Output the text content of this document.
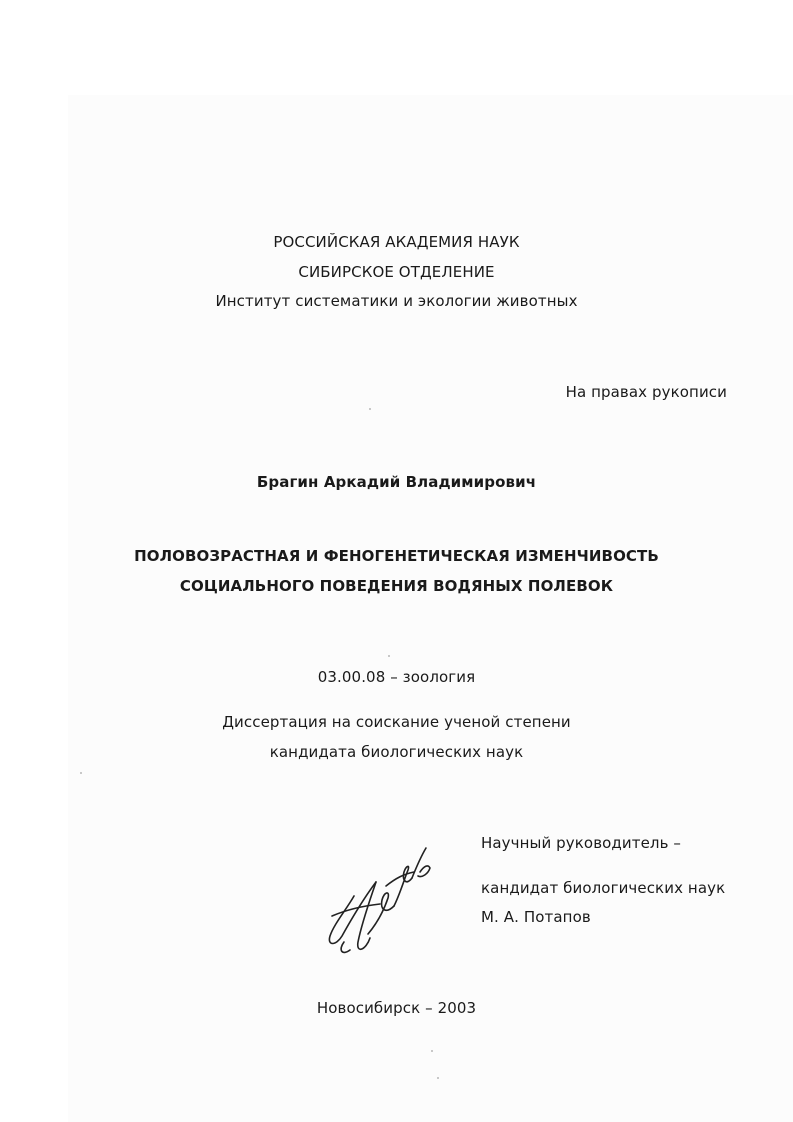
РОССИЙСКАЯ АКАДЕМИЯ НАУК
СИБИРСКОЕ ОТДЕЛЕНИЕ
Институт систематики и экологии животных
На правах рукописи
Брагин Аркадий Владимирович
ПОЛОВОЗРАСТНАЯ И ФЕНОГЕНЕТИЧЕСКАЯ ИЗМЕНЧИВОСТЬ
СОЦИАЛЬНОГО ПОВЕДЕНИЯ ВОДЯНЫХ ПОЛЕВОК
03.00.08 – зоология
Диссертация на соискание ученой степени
кандидата биологических наук
Научный руководитель –
кандидат биологических наук
М. А. Потапов
Новосибирск – 2003
